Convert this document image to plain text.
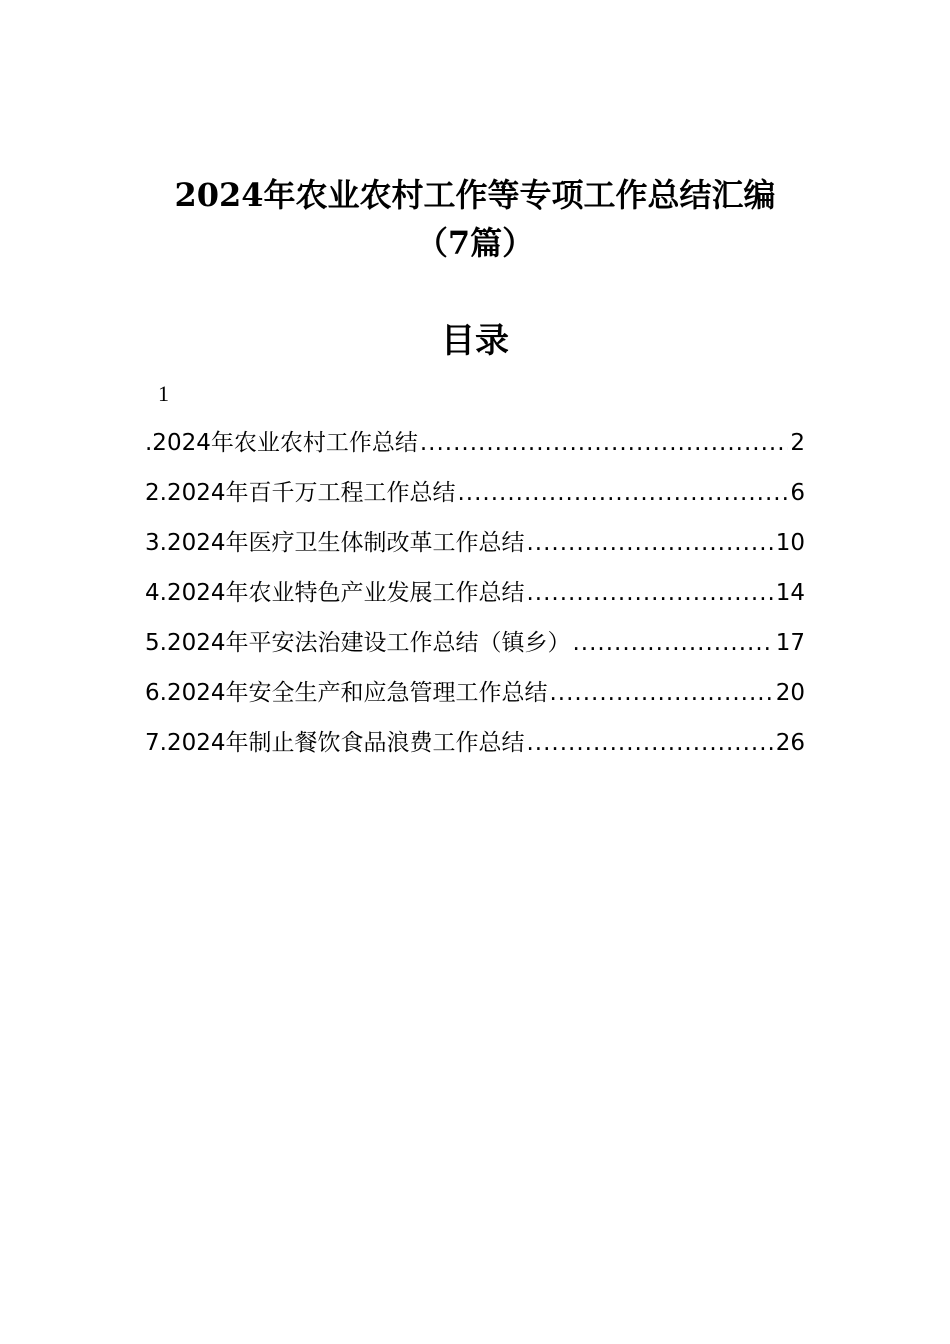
2024年农业农村工作等专项工作总结汇编
（7篇）
目录
1
.2024年农业农村工作总结 .....	2
2.2024年百千万工程工作总结 .....	6
3.2024年医疗卫生体制改革工作总结 .....	10
4.2024年农业特色产业发展工作总结 .....	14
5.2024年平安法治建设工作总结（镇乡） .....	17
6.2024年安全生产和应急管理工作总结 .....	20
7.2024年制止餐饮食品浪费工作总结 .....	26
